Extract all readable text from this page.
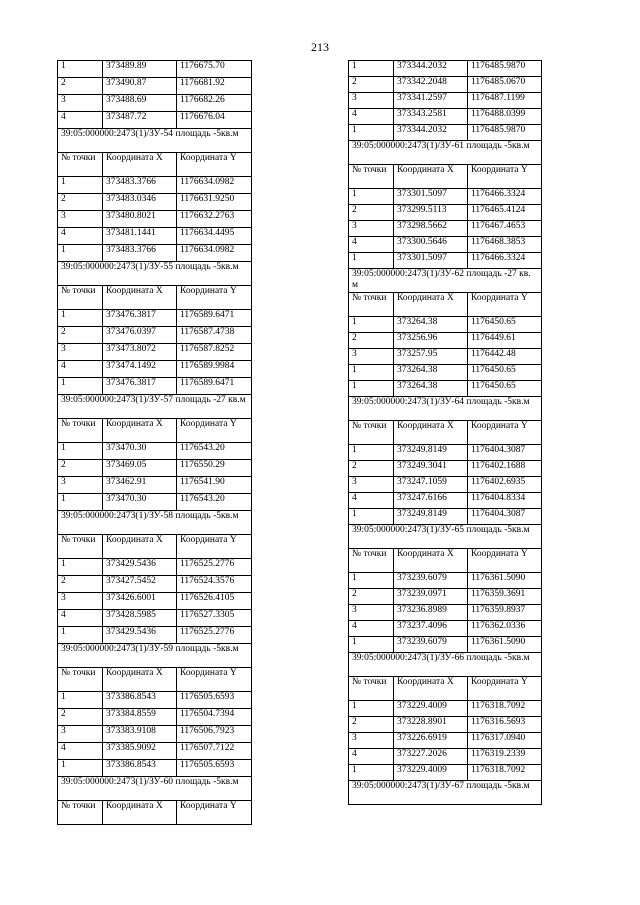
213
1	373489.89	1176675.70
2	373490.87	1176681.92
3	373488.69	1176682.26
4	373487.72	1176676.04
39:05:000000:2473(1)/ЗУ-54 площадь -5кв.м		
№ точки	Координата X	Координата Y
1	373483.3766	1176634.0982
2	373483.0346	1176631.9250
3	373480.8021	1176632.2763
4	373481.1441	1176634.4495
1	373483.3766	1176634.0982
39:05:000000:2473(1)/ЗУ-55 площадь -5кв.м		
№ точки	Координата X	Координата Y
1	373476.3817	1176589.6471
2	373476.0397	1176587.4738
3	373473.8072	1176587.8252
4	373474.1492	1176589.9984
1	373476.3817	1176589.6471
39:05:000000:2473(1)/ЗУ-57 площадь -27 кв.м		
№ точки	Координата X	Координата Y
1	373470.30	1176543.20
2	373469.05	1176550.29
3	373462.91	1176541.90
1	373470.30	1176543.20
39:05:000000:2473(1)/ЗУ-58 площадь -5кв.м		
№ точки	Координата X	Координата Y
1	373429.5436	1176525.2776
2	373427.5452	1176524.3576
3	373426.6001	1176526.4105
4	373428.5985	1176527.3305
1	373429.5436	1176525.2776
39:05:000000:2473(1)/ЗУ-59 площадь -5кв.м		
№ точки	Координата X	Координата Y
1	373386.8543	1176505.6593
2	373384.8559	1176504.7394
3	373383.9108	1176506.7923
4	373385.9092	1176507.7122
1	373386.8543	1176505.6593
39:05:000000:2473(1)/ЗУ-60 площадь -5кв.м		
№ точки	Координата X	Координата Y
1	373344.2032	1176485.9870
2	373342.2048	1176485.0670
3	373341.2597	1176487.1199
4	373343.2581	1176488.0399
1	373344.2032	1176485.9870
39:05:000000:2473(1)/ЗУ-61 площадь -5кв.м		
№ точки	Координата X	Координата Y
1	373301.5097	1176466.3324
2	373299.5113	1176465.4124
3	373298.5662	1176467.4653
4	373300.5646	1176468.3853
1	373301.5097	1176466.3324
39:05:000000:2473(1)/ЗУ-62 площадь -27 кв. м		
№ точки	Координата X	Координата Y
1	373264.38	1176450.65
2	373256.96	1176449.61
3	373257.95	1176442.48
1	373264.38	1176450.65
1	373264.38	1176450.65
39:05:000000:2473(1)/ЗУ-64 площадь -5кв.м		
№ точки	Координата X	Координата Y
1	373249.8149	1176404.3087
2	373249.3041	1176402.1688
3	373247.1059	1176402.6935
4	373247.6166	1176404.8334
1	373249.8149	1176404.3087
39:05:000000:2473(1)/ЗУ-65 площадь -5кв.м		
№ точки	Координата X	Координата Y
1	373239.6079	1176361.5090
2	373239.0971	1176359.3691
3	373236.8989	1176359.8937
4	373237.4096	1176362.0336
1	373239.6079	1176361.5090
39:05:000000:2473(1)/ЗУ-66 площадь -5кв.м		
№ точки	Координата X	Координата Y
1	373229.4009	1176318.7092
2	373228.8901	1176316.5693
3	373226.6919	1176317.0940
4	373227.2026	1176319.2339
1	373229.4009	1176318.7092
39:05:000000:2473(1)/ЗУ-67 площадь -5кв.м		
